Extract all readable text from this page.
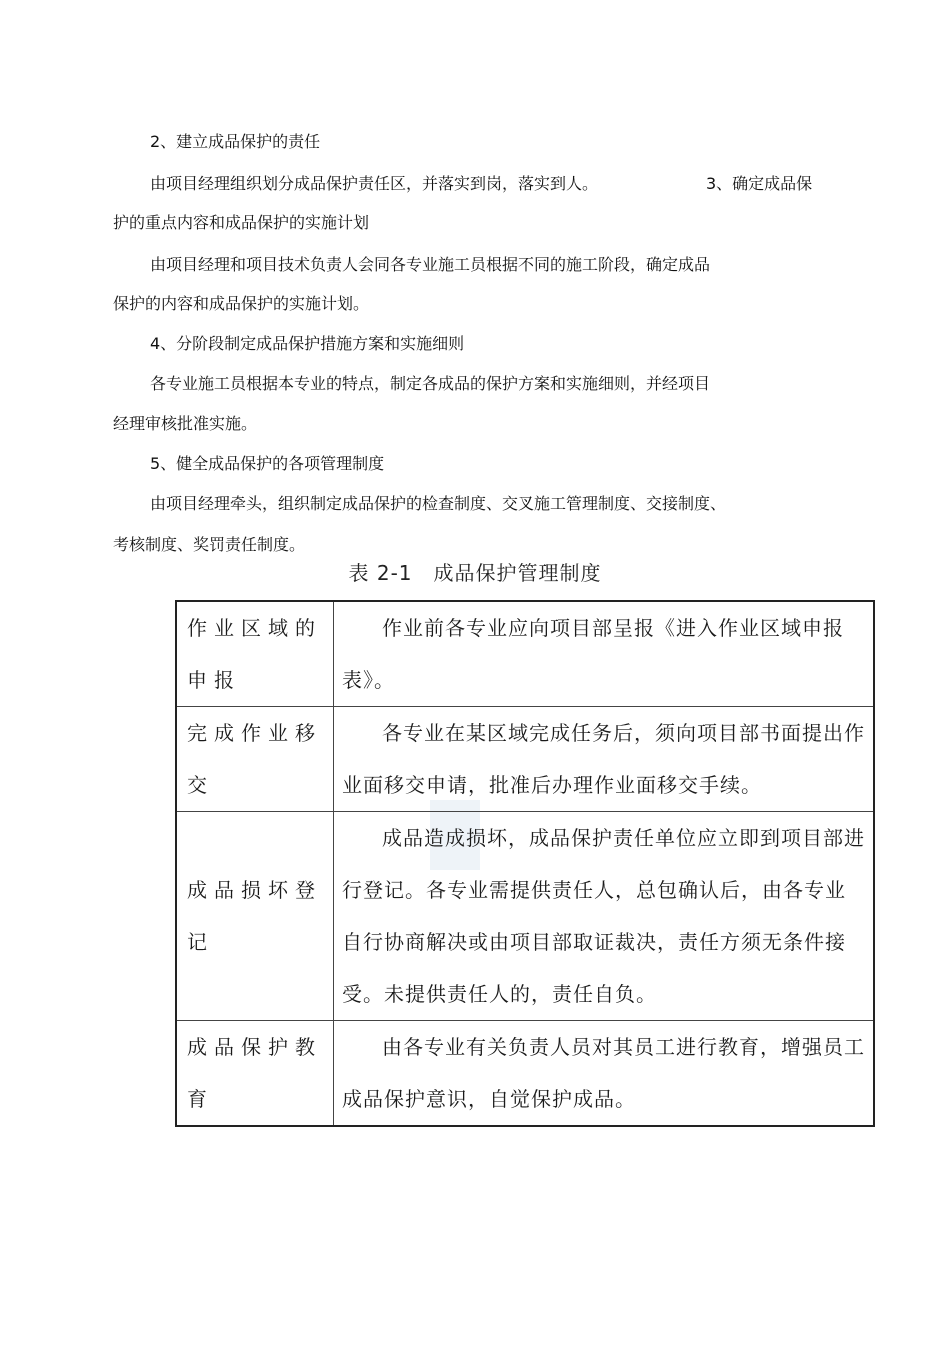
2、建立成品保护的责任
由项目经理组织划分成品保护责任区，并落实到岗，落实到人。	3、确定成品保
护的重点内容和成品保护的实施计划
由项目经理和项目技术负责人会同各专业施工员根据不同的施工阶段，确定成品
保护的内容和成品保护的实施计划。
4、分阶段制定成品保护措施方案和实施细则
各专业施工员根据本专业的特点，制定各成品的保护方案和实施细则，并经项目
经理审核批准实施。
5、健全成品保护的各项管理制度
由项目经理牵头，组织制定成品保护的检查制度、交叉施工管理制度、交接制度、
考核制度、奖罚责任制度。
表 2-1　成品保护管理制度
作业区域的申报	作业前各专业应向项目部呈报《进入作业区域申报表》。
完成作业移交	各专业在某区域完成任务后，须向项目部书面提出作业面移交申请，批准后办理作业面移交手续。
成品损坏登记	成品造成损坏，成品保护责任单位应立即到项目部进行登记。各专业需提供责任人，总包确认后，由各专业自行协商解决或由项目部取证裁决，责任方须无条件接受。未提供责任人的，责任自负。
成品保护教育	由各专业有关负责人员对其员工进行教育，增强员工成品保护意识，自觉保护成品。
